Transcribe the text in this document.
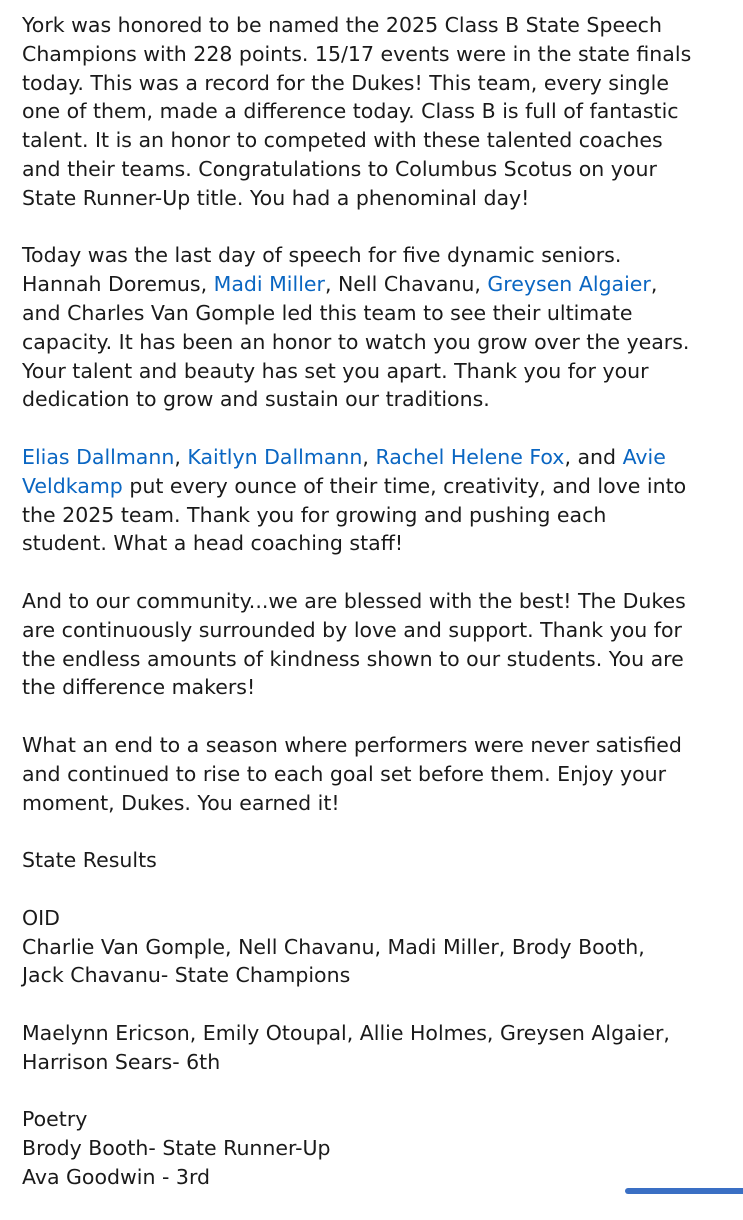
York was honored to be named the 2025 Class B State Speech
Champions with 228 points. 15/17 events were in the state finals
today. This was a record for the Dukes! This team, every single
one of them, made a difference today. Class B is full of fantastic
talent. It is an honor to competed with these talented coaches
and their teams. Congratulations to Columbus Scotus on your
State Runner-Up title. You had a phenominal day!
Today was the last day of speech for five dynamic seniors.
Hannah Doremus, Madi Miller, Nell Chavanu, Greysen Algaier,
and Charles Van Gomple led this team to see their ultimate
capacity. It has been an honor to watch you grow over the years.
Your talent and beauty has set you apart. Thank you for your
dedication to grow and sustain our traditions.
Elias Dallmann, Kaitlyn Dallmann, Rachel Helene Fox, and Avie
Veldkamp put every ounce of their time, creativity, and love into
the 2025 team. Thank you for growing and pushing each
student. What a head coaching staff!
And to our community...we are blessed with the best! The Dukes
are continuously surrounded by love and support. Thank you for
the endless amounts of kindness shown to our students. You are
the difference makers!
What an end to a season where performers were never satisfied
and continued to rise to each goal set before them. Enjoy your
moment, Dukes. You earned it!
State Results
OID
Charlie Van Gomple, Nell Chavanu, Madi Miller, Brody Booth,
Jack Chavanu- State Champions
Maelynn Ericson, Emily Otoupal, Allie Holmes, Greysen Algaier,
Harrison Sears- 6th
Poetry
Brody Booth- State Runner-Up
Ava Goodwin - 3rd
